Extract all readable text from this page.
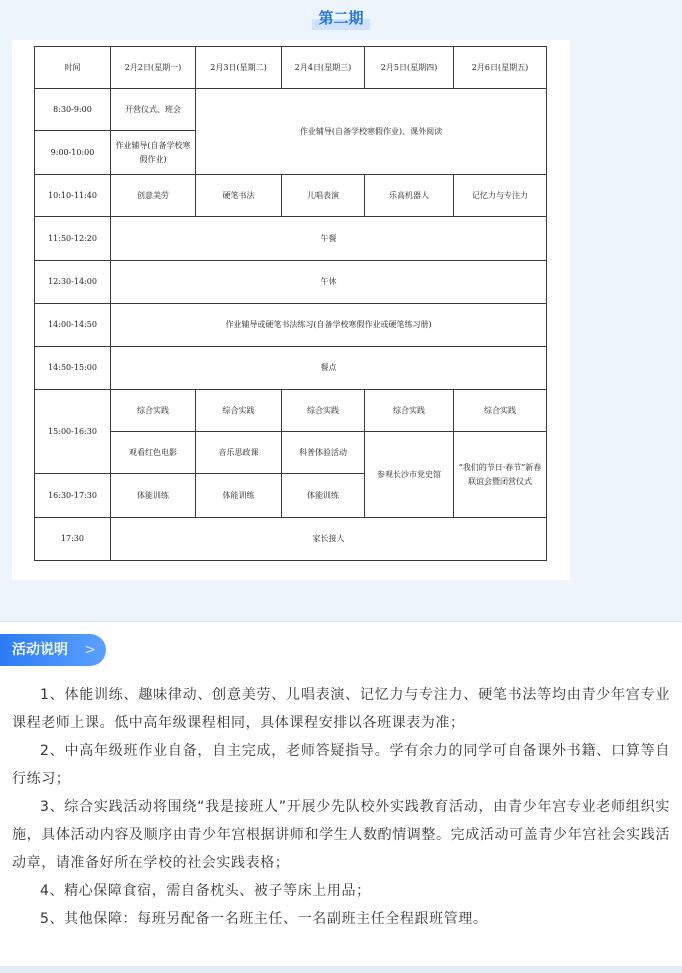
第二期
时间	2月2日(星期一)	2月3日(星期二)	2月4日(星期三)	2月5日(星期四)	2月6日(星期五)
8:30-9:00	开营仪式、班会	作业辅导(自备学校寒假作业)、课外阅读			
9:00-10:00	作业辅导(自备学校寒假作业)				
10:10-11:40	创意美劳	硬笔书法	儿唱表演	乐高机器人	记忆力与专注力
11:50-12:20	午餐				
12:30-14:00	午休				
14:00-14:50	作业辅导或硬笔书法练习(自备学校寒假作业或硬笔练习册)				
14:50-15:00	餐点				
15:00-16:30	综合实践	综合实践	综合实践	综合实践	综合实践
	观看红色电影	音乐思政课	科普体验活动	参观长沙市党史馆	“我们的节日·春节”新春联谊会暨闭营仪式
16:30-17:30	体能训练	体能训练	体能训练		
17:30	家长接人				
活动说明 >

1、体能训练、趣味律动、创意美劳、儿唱表演、记忆力与专注力、硬笔书法等均由青少年宫专业课程老师上课。低中高年级课程相同，具体课程安排以各班课表为准；

2、中高年级班作业自备，自主完成，老师答疑指导。学有余力的同学可自备课外书籍、口算等自行练习；

3、综合实践活动将围绕“我是接班人”开展少先队校外实践教育活动，由青少年宫专业老师组织实施，具体活动内容及顺序由青少年宫根据讲师和学生人数酌情调整。完成活动可盖青少年宫社会实践活动章，请准备好所在学校的社会实践表格；

4、精心保障食宿，需自备枕头、被子等床上用品；

5、其他保障：每班另配备一名班主任、一名副班主任全程跟班管理。
